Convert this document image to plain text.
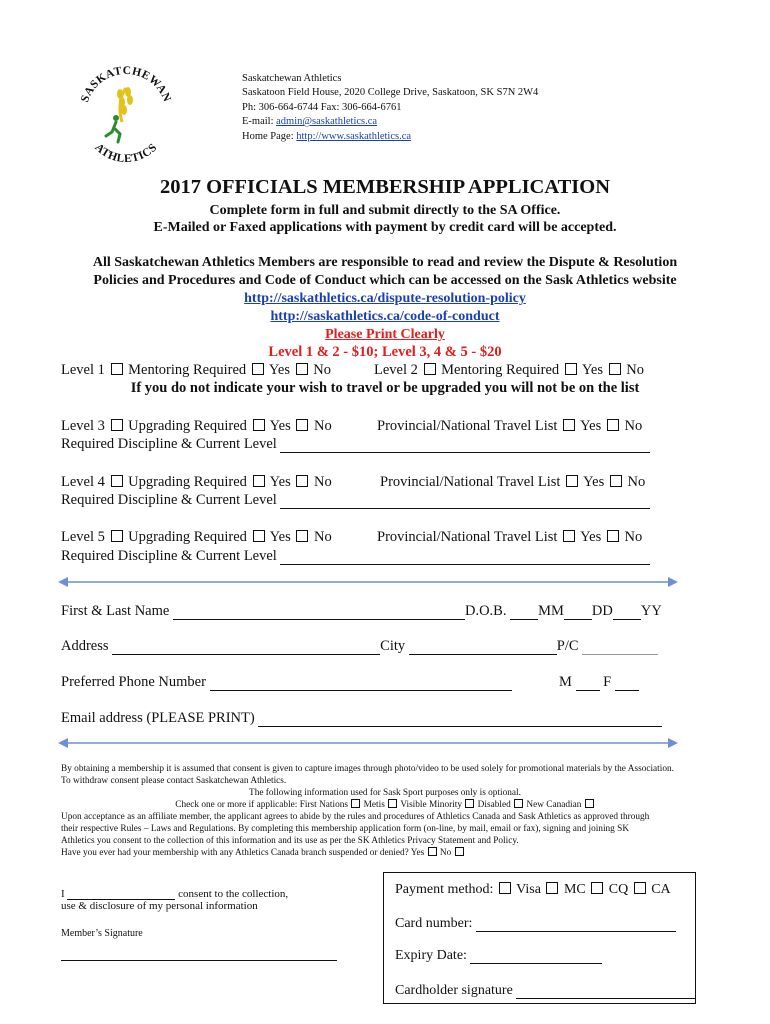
SASKATCHEWAN
ATHLETICS
Saskatchewan Athletics
Saskatoon Field House, 2020 College Drive, Saskatoon, SK S7N 2W4
Ph: 306-664-6744 Fax: 306-664-6761
E-mail: admin@saskathletics.ca
Home Page: http://www.saskathletics.ca
2017 OFFICIALS MEMBERSHIP APPLICATION
Complete form in full and submit directly to the SA Office.
E-Mailed or Faxed applications with payment by credit card will be accepted.
All Saskatchewan Athletics Members are responsible to read and review the Dispute & Resolution
Policies and Procedures and Code of Conduct which can be accessed on the Sask Athletics website
http://saskathletics.ca/dispute-resolution-policy
http://saskathletics.ca/code-of-conduct
Please Print Clearly
Level 1 & 2 - $10; Level 3, 4 & 5 - $20
Level 1 Mentoring Required Yes No	Level 2 Mentoring Required Yes No
If you do not indicate your wish to travel or be upgraded you will not be on the list
Level 3 Upgrading Required Yes No	Provincial/National Travel List Yes No
Required Discipline & Current Level
Level 4 Upgrading Required Yes No	Provincial/National Travel List Yes No
Required Discipline & Current Level
Level 5 Upgrading Required Yes No	Provincial/National Travel List Yes No
Required Discipline & Current Level
First & Last Name	D.O.B. MM DD YY
Address	City	P/C
Preferred Phone Number	M  F
Email address (PLEASE PRINT)
By obtaining a membership it is assumed that consent is given to capture images through photo/video to be used solely for promotional materials by the Association.
To withdraw consent please contact Saskatchewan Athletics.
The following information used for Sask Sport purposes only is optional.
Check one or more if applicable: First Nations Metis Visible Minority Disabled New Canadian
Upon acceptance as an affiliate member, the applicant agrees to abide by the rules and procedures of Athletics Canada and Sask Athletics as approved through
their respective Rules – Laws and Regulations. By completing this membership application form (on-line, by mail, email or fax), signing and joining SK
Athletics you consent to the collection of this information and its use as per the SK Athletics Privacy Statement and Policy.
Have you ever had your membership with any Athletics Canada branch suspended or denied? Yes No
I	consent to the collection,
use & disclosure of my personal information
Member’s Signature
Payment method:  Visa MC CQ CA
Card number:
Expiry Date:
Cardholder signature
